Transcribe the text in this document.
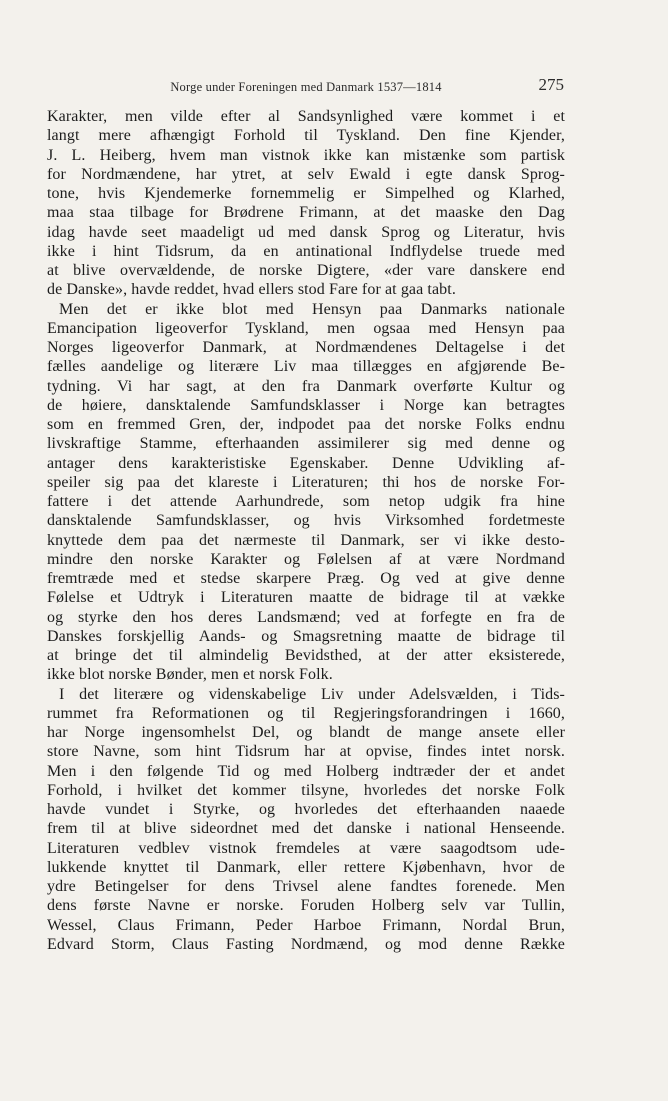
Norge under Foreningen med Danmark 1537—1814	275
Karakter, men vilde efter al Sandsynlighed være kommet i et
langt mere afhængigt Forhold til Tyskland. Den fine Kjender,
J. L. Heiberg, hvem man vistnok ikke kan mistænke som partisk
for Nordmændene, har ytret, at selv Ewald i egte dansk Sprog-
tone, hvis Kjendemerke fornemmelig er Simpelhed og Klarhed,
maa staa tilbage for Brødrene Frimann, at det maaske den Dag
idag havde seet maadeligt ud med dansk Sprog og Literatur, hvis
ikke i hint Tidsrum, da en antinational Indflydelse truede med
at blive overvældende, de norske Digtere, «der vare danskere end
de Danske», havde reddet, hvad ellers stod Fare for at gaa tabt.
Men det er ikke blot med Hensyn paa Danmarks nationale
Emancipation ligeoverfor Tyskland, men ogsaa med Hensyn paa
Norges ligeoverfor Danmark, at Nordmændenes Deltagelse i det
fælles aandelige og literære Liv maa tillægges en afgjørende Be-
tydning. Vi har sagt, at den fra Danmark overførte Kultur og
de høiere, dansktalende Samfundsklasser i Norge kan betragtes
som en fremmed Gren, der, indpodet paa det norske Folks endnu
livskraftige Stamme, efterhaanden assimilerer sig med denne og
antager dens karakteristiske Egenskaber. Denne Udvikling af-
speiler sig paa det klareste i Literaturen; thi hos de norske For-
fattere i det attende Aarhundrede, som netop udgik fra hine
dansktalende Samfundsklasser, og hvis Virksomhed fordetmeste
knyttede dem paa det nærmeste til Danmark, ser vi ikke desto-
mindre den norske Karakter og Følelsen af at være Nordmand
fremtræde med et stedse skarpere Præg. Og ved at give denne
Følelse et Udtryk i Literaturen maatte de bidrage til at vække
og styrke den hos deres Landsmænd; ved at forfegte en fra de
Danskes forskjellig Aands- og Smagsretning maatte de bidrage til
at bringe det til almindelig Bevidsthed, at der atter eksisterede,
ikke blot norske Bønder, men et norsk Folk.
I det literære og videnskabelige Liv under Adelsvælden, i Tids-
rummet fra Reformationen og til Regjeringsforandringen i 1660,
har Norge ingensomhelst Del, og blandt de mange ansete eller
store Navne, som hint Tidsrum har at opvise, findes intet norsk.
Men i den følgende Tid og med Holberg indtræder der et andet
Forhold, i hvilket det kommer tilsyne, hvorledes det norske Folk
havde vundet i Styrke, og hvorledes det efterhaanden naaede
frem til at blive sideordnet med det danske i national Henseende.
Literaturen vedblev vistnok fremdeles at være saagodtsom ude-
lukkende knyttet til Danmark, eller rettere Kjøbenhavn, hvor de
ydre Betingelser for dens Trivsel alene fandtes forenede. Men
dens første Navne er norske. Foruden Holberg selv var Tullin,
Wessel, Claus Frimann, Peder Harboe Frimann, Nordal Brun,
Edvard Storm, Claus Fasting Nordmænd, og mod denne Række
